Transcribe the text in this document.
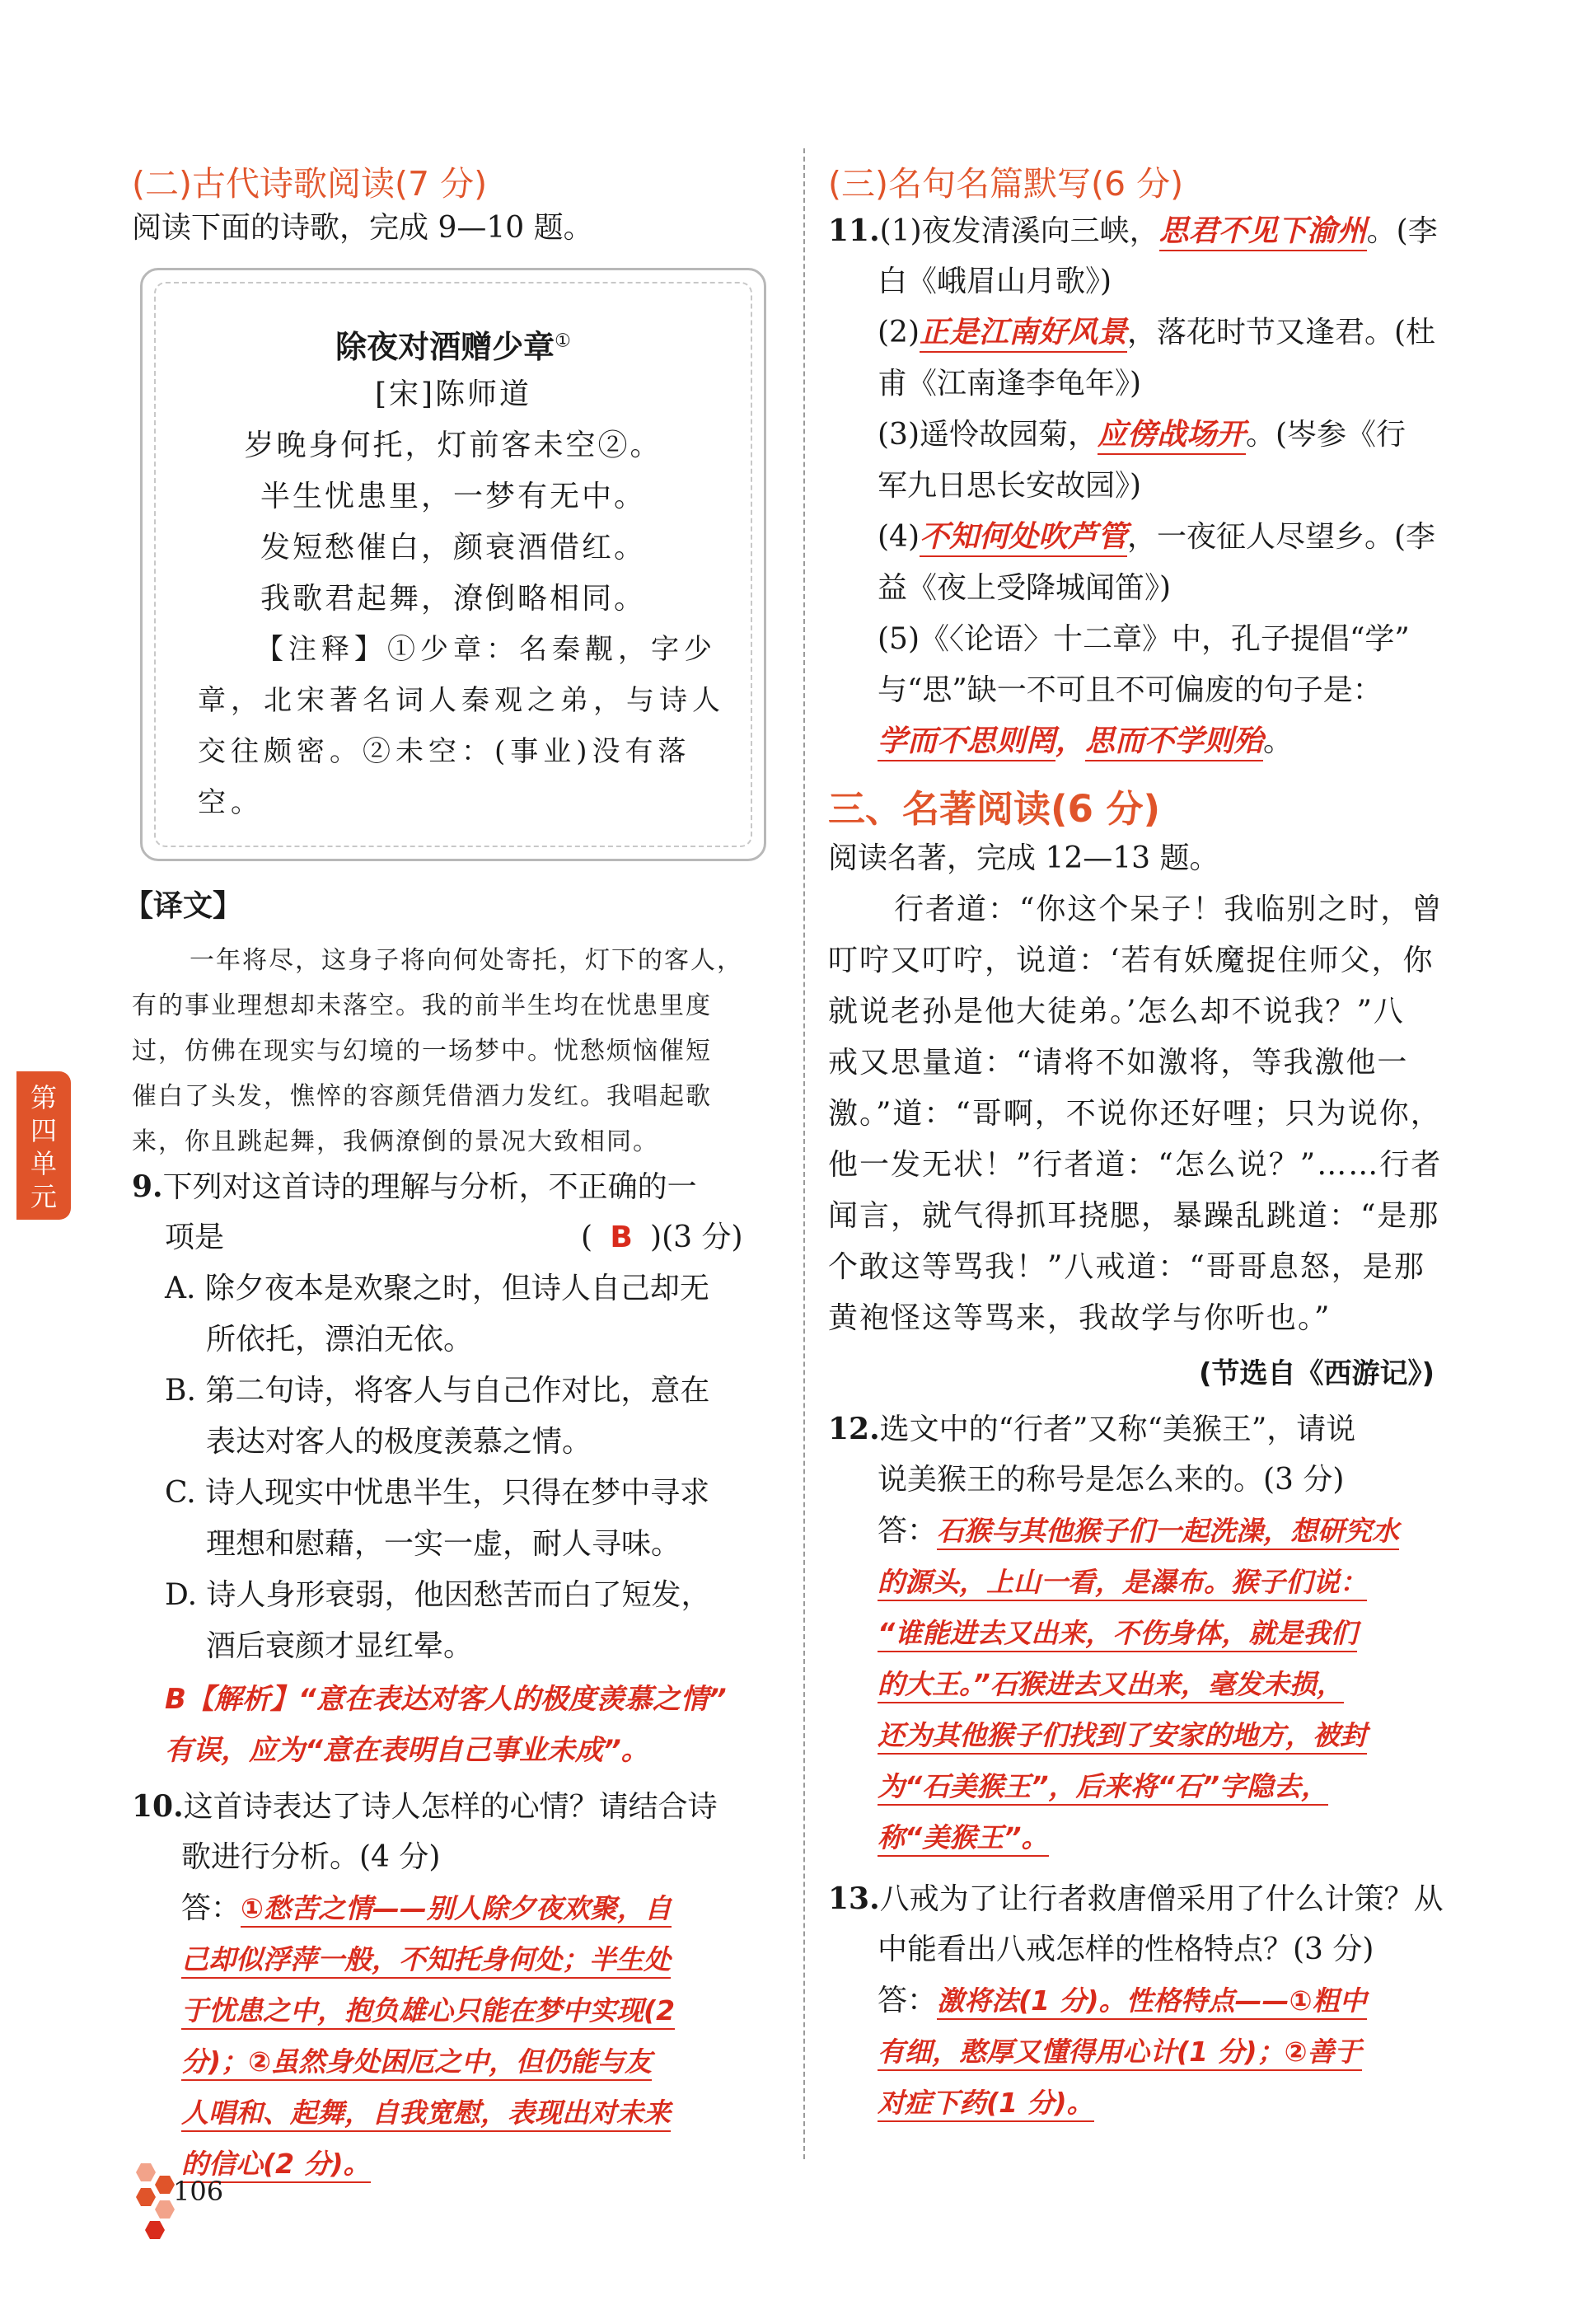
(二)古代诗歌阅读(7 分)
阅读下面的诗歌，完成 9—10 题。
除夜对酒赠少章①
[宋]陈师道
岁晚身何托，灯前客未空②。
半生忧患里，一梦有无中。
发短愁催白，颜衰酒借红。
我歌君起舞，潦倒略相同。
【注释】①少章：名秦觏，字少
章，北宋著名词人秦观之弟，与诗人
交往颇密。②未空：(事业)没有落
空。
【译文】
一年将尽，这身子将向何处寄托，灯下的客人，
有的事业理想却未落空。我的前半生均在忧患里度
过，仿佛在现实与幻境的一场梦中。忧愁烦恼催短
催白了头发，憔悴的容颜凭借酒力发红。我唱起歌
来，你且跳起舞，我俩潦倒的景况大致相同。
第
四
单
元	9.下列对这首诗的理解与分析，不正确的一
项是	( B )(3 分)
A. 除夕夜本是欢聚之时，但诗人自己却无
所依托，漂泊无依。
B. 第二句诗，将客人与自己作对比，意在
表达对客人的极度羡慕之情。
C. 诗人现实中忧患半生，只得在梦中寻求
理想和慰藉，一实一虚，耐人寻味。
D. 诗人身形衰弱，他因愁苦而白了短发，
酒后衰颜才显红晕。
B【解析】“意在表达对客人的极度羡慕之情”
有误，应为“意在表明自己事业未成”。
10.这首诗表达了诗人怎样的心情？请结合诗
歌进行分析。(4 分)
答：①愁苦之情——别人除夕夜欢聚，自
己却似浮萍一般，不知托身何处；半生处
于忧患之中，抱负雄心只能在梦中实现(2
分)；②虽然身处困厄之中，但仍能与友
人唱和、起舞，自我宽慰，表现出对未来
的信心(2 分)。
106
(三)名句名篇默写(6 分)
11.(1)夜发清溪向三峡，思君不见下渝州。(李
白《峨眉山月歌》)
(2)正是江南好风景，落花时节又逢君。(杜
甫《江南逢李龟年》)
(3)遥怜故园菊，应傍战场开。(岑参《行
军九日思长安故园》)
(4)不知何处吹芦管，一夜征人尽望乡。(李
益《夜上受降城闻笛》)
(5)《〈论语〉十二章》中，孔子提倡“学”
与“思”缺一不可且不可偏废的句子是：
学而不思则罔，思而不学则殆。
三、名著阅读(6 分)
阅读名著，完成 12—13 题。
行者道：“你这个呆子！我临别之时，曾
叮咛又叮咛，说道：‘若有妖魔捉住师父，你
就说老孙是他大徒弟。’怎么却不说我？”八
戒又思量道：“请将不如激将，等我激他一
激。”道：“哥啊，不说你还好哩；只为说你，
他一发无状！”行者道：“怎么说？”……行者
闻言，就气得抓耳挠腮，暴躁乱跳道：“是那
个敢这等骂我！”八戒道：“哥哥息怒，是那
黄袍怪这等骂来，我故学与你听也。”
(节选自《西游记》)
12.选文中的“行者”又称“美猴王”，请说
说美猴王的称号是怎么来的。(3 分)
答：石猴与其他猴子们一起洗澡，想研究水
的源头，上山一看，是瀑布。猴子们说：
“谁能进去又出来，不伤身体，就是我们
的大王。”石猴进去又出来，毫发未损，
还为其他猴子们找到了安家的地方，被封
为“石美猴王”，后来将“石”字隐去，
称“美猴王”。
13.八戒为了让行者救唐僧采用了什么计策？从
中能看出八戒怎样的性格特点？(3 分)
答：激将法(1 分)。性格特点——①粗中
有细，憨厚又懂得用心计(1 分)；②善于
对症下药(1 分)。
